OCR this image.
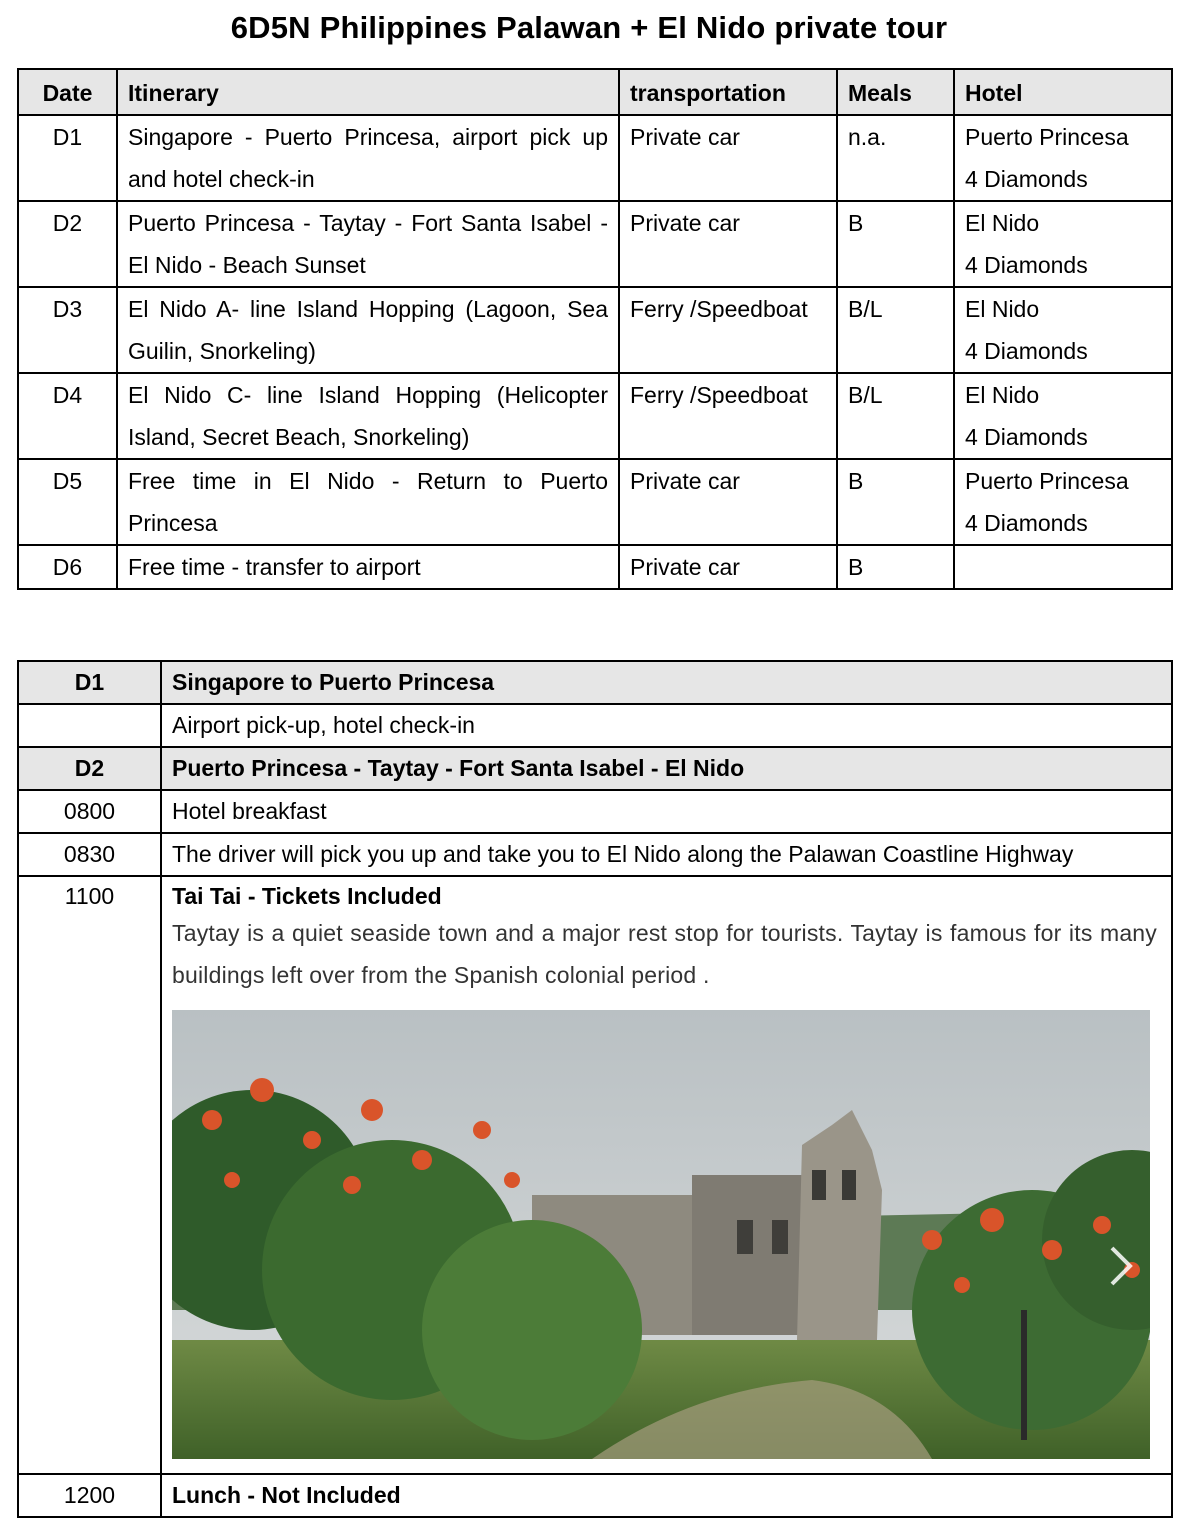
6D5N Philippines Palawan + El Nido private tour
Date	Itinerary	transportation	Meals	Hotel
D1	Singapore - Puerto Princesa, airport pick up and hotel check-in	Private car	n.a.	Puerto Princesa
4 Diamonds
D2	Puerto Princesa - Taytay - Fort Santa Isabel - El Nido - Beach Sunset	Private car	B	El Nido
4 Diamonds
D3	El Nido A- line Island Hopping (Lagoon, Sea Guilin, Snorkeling)	Ferry /Speedboat	B/L	El Nido
4 Diamonds
D4	El Nido C- line Island Hopping (Helicopter Island, Secret Beach, Snorkeling)	Ferry /Speedboat	B/L	El Nido
4 Diamonds
D5	Free time in El Nido - Return to Puerto Princesa	Private car	B	Puerto Princesa
4 Diamonds
D6	Free time - transfer to airport	Private car	B	
D1	Singapore to Puerto Princesa
	Airport pick-up, hotel check-in
D2	Puerto Princesa - Taytay - Fort Santa Isabel - El Nido
0800	Hotel breakfast
0830	The driver will pick you up and take you to El Nido along the Palawan Coastline Highway
1100	Tai Tai - Tickets Included
Taytay is a quiet seaside town and a major rest stop for tourists. Taytay is famous for its many buildings left over from the Spanish colonial period .

1200	Lunch - Not Included
